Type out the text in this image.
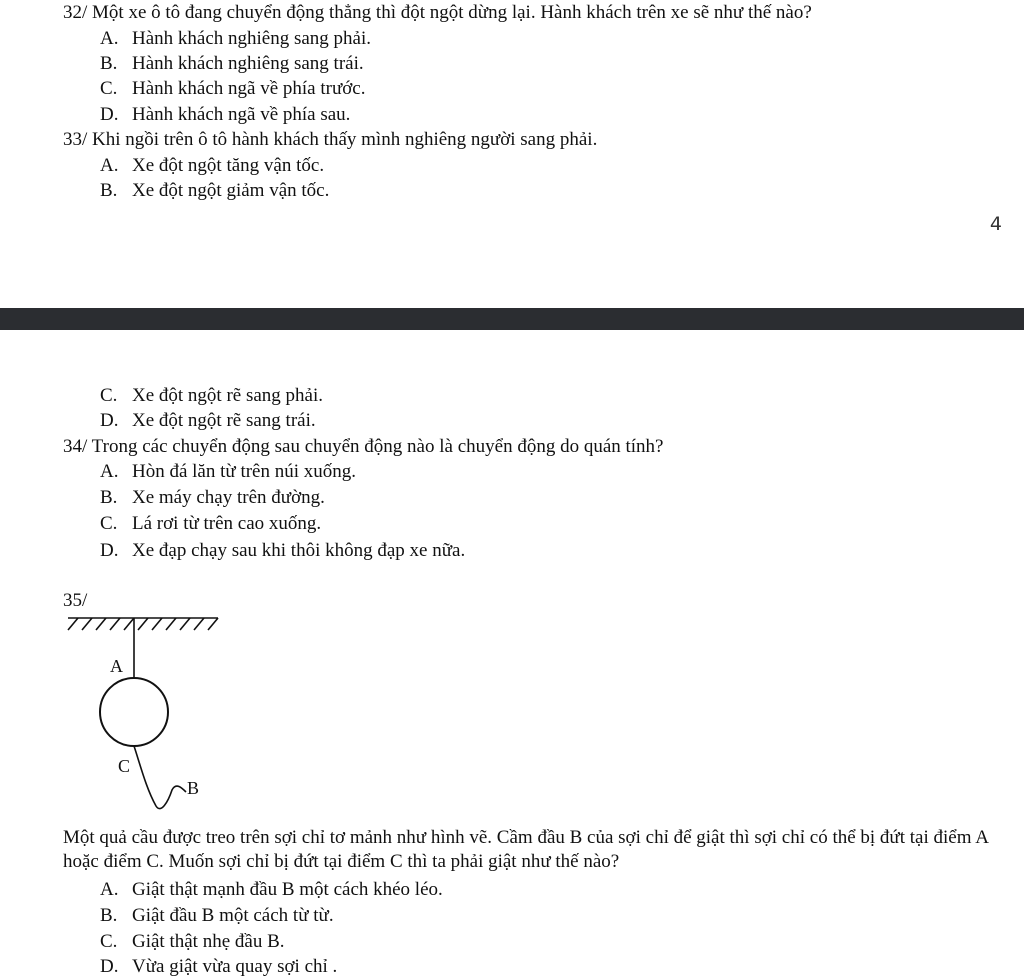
32/ Một xe ô tô đang chuyển động thẳng thì đột ngột dừng lại. Hành khách trên xe sẽ như thế nào?
A. Hành khách nghiêng sang phải.
B. Hành khách nghiêng sang trái.
C. Hành khách ngã về phía trước.
D. Hành khách ngã về phía sau.
33/ Khi ngồi trên ô tô hành khách thấy mình nghiêng người sang phải.
A. Xe đột ngột tăng vận tốc.
B. Xe đột ngột giảm vận tốc.
4
C. Xe đột ngột rẽ sang phải.
D. Xe đột ngột rẽ sang trái.
34/ Trong các chuyển động sau chuyển động nào là chuyển động do quán tính?
A. Hòn đá lăn từ trên núi xuống.
B. Xe máy chạy trên đường.
C. Lá rơi từ trên cao xuống.
D. Xe đạp chạy sau khi thôi không đạp xe nữa.
35/
A
C
B
Một quả cầu được treo trên sợi chỉ tơ mảnh như hình vẽ. Cầm đầu B của sợi chỉ để giật thì sợi chỉ có thể bị đứt tại điểm A hoặc điểm C. Muốn sợi chỉ bị đứt tại điểm C thì ta phải giật như thế nào?
A. Giật thật mạnh đầu B một cách khéo léo.
B. Giật đầu B một cách từ từ.
C. Giật thật nhẹ đầu B.
D. Vừa giật vừa quay sợi chỉ .
